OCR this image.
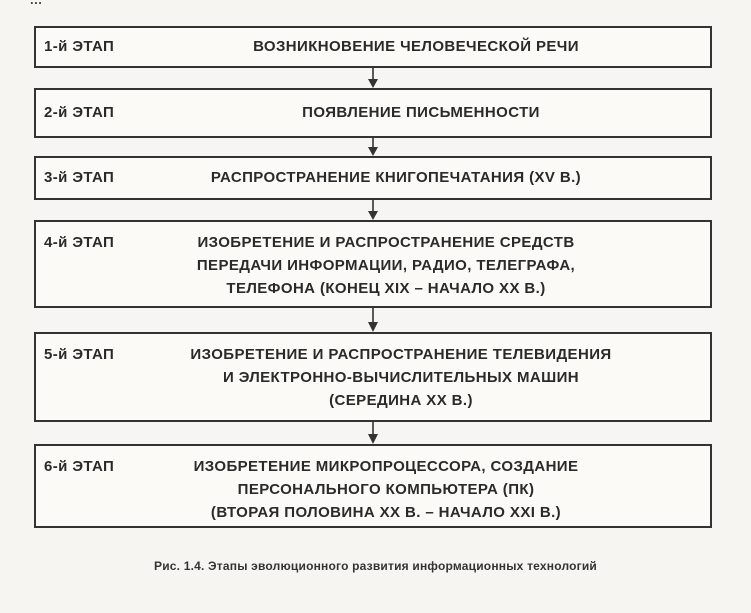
1-й ЭТАП	ВОЗНИКНОВЕНИЕ ЧЕЛОВЕЧЕСКОЙ РЕЧИ
2-й ЭТАП	ПОЯВЛЕНИЕ ПИСЬМЕННОСТИ
3-й ЭТАП	РАСПРОСТРАНЕНИЕ КНИГОПЕЧАТАНИЯ (XV В.)
4-й ЭТАП	ИЗОБРЕТЕНИЕ И РАСПРОСТРАНЕНИЕ СРЕДСТВ
ПЕРЕДАЧИ ИНФОРМАЦИИ, РАДИО, ТЕЛЕГРАФА,
ТЕЛЕФОНА (КОНЕЦ XIX – НАЧАЛО XX В.)
5-й ЭТАП	ИЗОБРЕТЕНИЕ И РАСПРОСТРАНЕНИЕ ТЕЛЕВИДЕНИЯ
И ЭЛЕКТРОННО-ВЫЧИСЛИТЕЛЬНЫХ МАШИН
(СЕРЕДИНА XX В.)
6-й ЭТАП	ИЗОБРЕТЕНИЕ МИКРОПРОЦЕССОРА, СОЗДАНИЕ
ПЕРСОНАЛЬНОГО КОМПЬЮТЕРА (ПК)
(ВТОРАЯ ПОЛОВИНА XX В. – НАЧАЛО XXI В.)
Рис. 1.4. Этапы эволюционного развития информационных технологий
